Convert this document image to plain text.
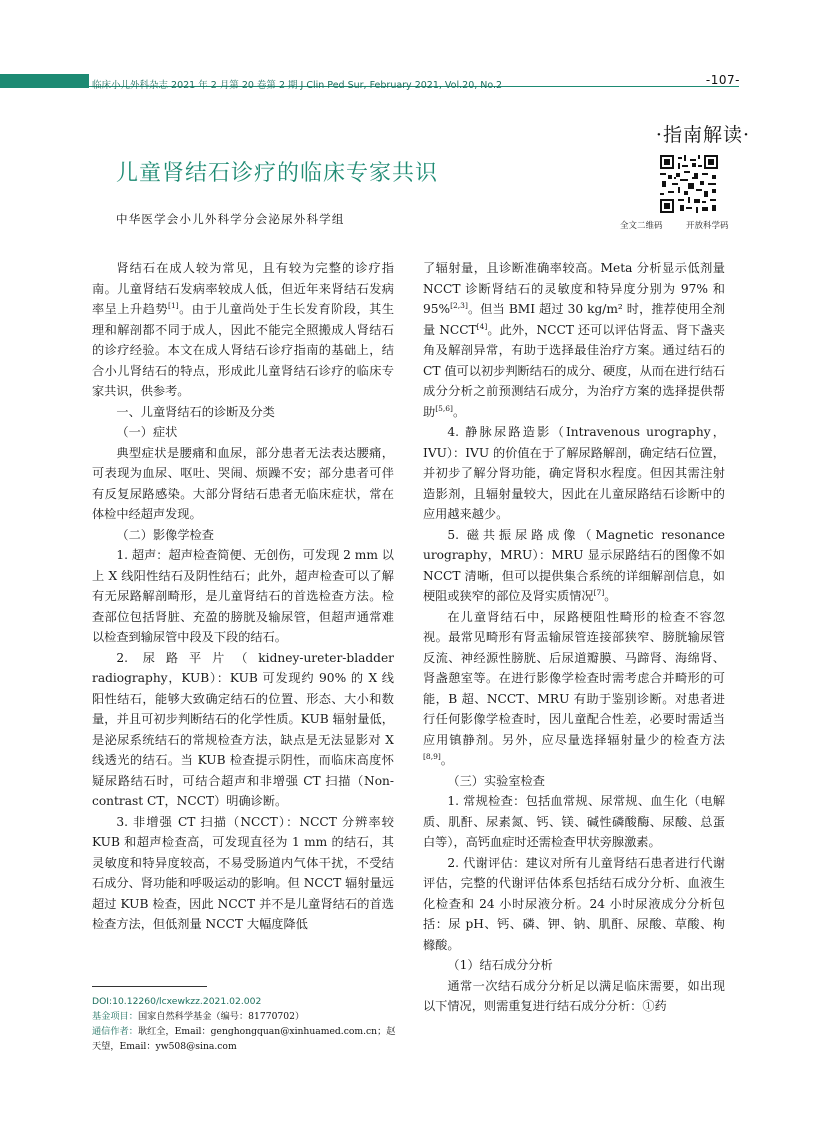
临床小儿外科杂志 2021 年 2 月第 20 卷第 2 期 J Clin Ped Sur, February 2021, Vol.20, No.2	-107-
·指南解读·
儿童肾结石诊疗的临床专家共识
中华医学会小儿外科学分会泌尿外科学组	全文二维码	开放科学码

肾结石在成人较为常见，且有较为完整的诊疗指南。儿童肾结石发病率较成人低，但近年来肾结石发病率呈上升趋势[1]。由于儿童尚处于生长发育阶段，其生理和解剖都不同于成人，因此不能完全照搬成人肾结石的诊疗经验。本文在成人肾结石诊疗指南的基础上，结合小儿肾结石的特点，形成此儿童肾结石诊疗的临床专家共识，供参考。

一、儿童肾结石的诊断及分类

（一）症状

典型症状是腰痛和血尿，部分患者无法表达腰痛，可表现为血尿、呕吐、哭闹、烦躁不安；部分患者可伴有反复尿路感染。大部分肾结石患者无临床症状，常在体检中经超声发现。

（二）影像学检查

1. 超声：超声检查简便、无创伤，可发现 2 mm 以上 X 线阳性结石及阴性结石；此外，超声检查可以了解有无尿路解剖畸形，是儿童肾结石的首选检查方法。检查部位包括肾脏、充盈的膀胱及输尿管，但超声通常难以检查到输尿管中段及下段的结石。

2. 尿路平片（kidney-ureter-bladder radiography，KUB）：KUB 可发现约 90% 的 X 线阳性结石，能够大致确定结石的位置、形态、大小和数量，并且可初步判断结石的化学性质。KUB 辐射量低，是泌尿系统结石的常规检查方法，缺点是无法显影对 X 线透光的结石。当 KUB 检查提示阴性，而临床高度怀疑尿路结石时，可结合超声和非增强 CT 扫描（Non-contrast CT，NCCT）明确诊断。

3. 非增强 CT 扫描（NCCT）：NCCT 分辨率较 KUB 和超声检查高，可发现直径为 1 mm 的结石，其灵敏度和特异度较高，不易受肠道内气体干扰，不受结石成分、肾功能和呼吸运动的影响。但 NCCT 辐射量远超过 KUB 检查，因此 NCCT 并不是儿童肾结石的首选检查方法，但低剂量 NCCT 大幅度降低

了辐射量，且诊断准确率较高。Meta 分析显示低剂量 NCCT 诊断肾结石的灵敏度和特异度分别为 97% 和 95%[2,3]。但当 BMI 超过 30 kg/m² 时，推荐使用全剂量 NCCT[4]。此外，NCCT 还可以评估肾盂、肾下盏夹角及解剖异常，有助于选择最佳治疗方案。通过结石的 CT 值可以初步判断结石的成分、硬度，从而在进行结石成分分析之前预测结石成分，为治疗方案的选择提供帮助[5,6]。

4. 静脉尿路造影（Intravenous urography，IVU）：IVU 的价值在于了解尿路解剖，确定结石位置，并初步了解分肾功能，确定肾积水程度。但因其需注射造影剂，且辐射量较大，因此在儿童尿路结石诊断中的应用越来越少。

5. 磁共振尿路成像（Magnetic resonance urography，MRU）：MRU 显示尿路结石的图像不如 NCCT 清晰，但可以提供集合系统的详细解剖信息，如梗阻或狭窄的部位及肾实质情况[7]。

在儿童肾结石中，尿路梗阻性畸形的检查不容忽视。最常见畸形有肾盂输尿管连接部狭窄、膀胱输尿管反流、神经源性膀胱、后尿道瓣膜、马蹄肾、海绵肾、肾盏憩室等。在进行影像学检查时需考虑合并畸形的可能，B 超、NCCT、MRU 有助于鉴别诊断。对患者进行任何影像学检查时，因儿童配合性差，必要时需适当应用镇静剂。另外，应尽量选择辐射量少的检查方法[8,9]。

（三）实验室检查

1. 常规检查：包括血常规、尿常规、血生化（电解质、肌酐、尿素氮、钙、镁、碱性磷酸酶、尿酸、总蛋白等），高钙血症时还需检查甲状旁腺激素。

2. 代谢评估：建议对所有儿童肾结石患者进行代谢评估，完整的代谢评估体系包括结石成分分析、血液生化检查和 24 小时尿液分析。24 小时尿液成分分析包括：尿 pH、钙、磷、钾、钠、肌酐、尿酸、草酸、枸橼酸。

（1）结石成分分析

通常一次结石成分分析足以满足临床需要，如出现以下情况，则需重复进行结石成分分析：①药

DOI:10.12260/lcxewkzz.2021.02.002
基金项目：国家自然科学基金（编号：81770702）
通信作者：耿红全，Email：genghongquan@xinhuamed.com.cn；赵天望，Email：yw508@sina.com
